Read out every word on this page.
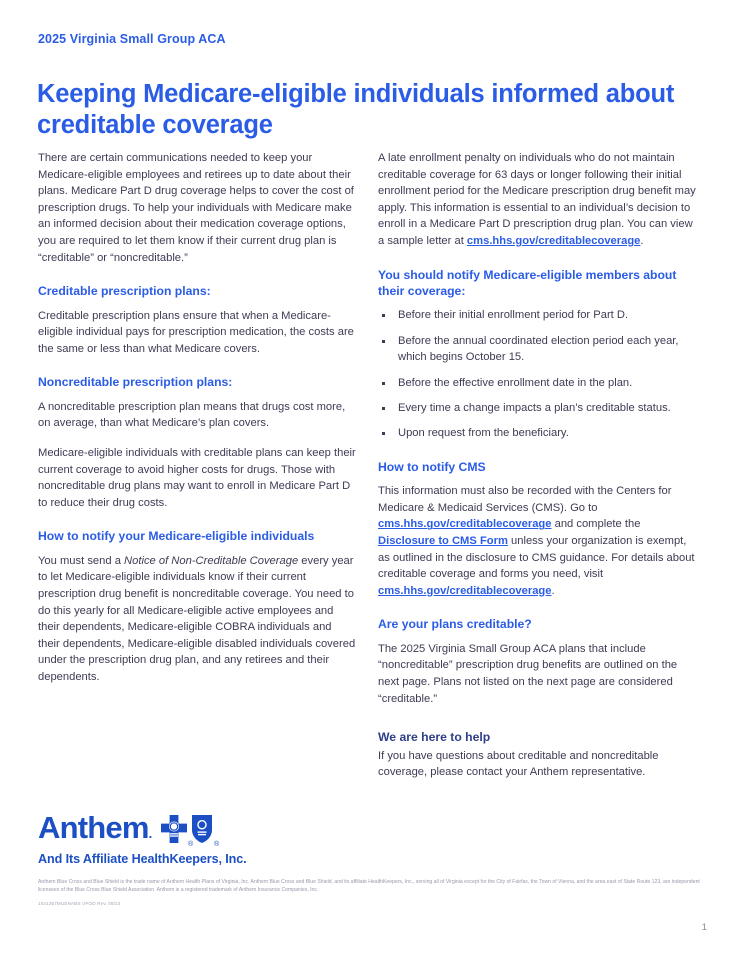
2025 Virginia Small Group ACA
Keeping Medicare-eligible individuals informed about creditable coverage

There are certain communications needed to keep your Medicare-eligible employees and retirees up to date about their plans. Medicare Part D drug coverage helps to cover the cost of prescription drugs. To help your individuals with Medicare make an informed decision about their medication coverage options, you are required to let them know if their current drug plan is “creditable” or “noncreditable.”

Creditable prescription plans:

Creditable prescription plans ensure that when a Medicare-eligible individual pays for prescription medication, the costs are the same or less than what Medicare covers.

Noncreditable prescription plans:

A noncreditable prescription plan means that drugs cost more, on average, than what Medicare’s plan covers.

Medicare-eligible individuals with creditable plans can keep their current coverage to avoid higher costs for drugs. Those with noncreditable drug plans may want to enroll in Medicare Part D to reduce their drug costs.

How to notify your Medicare-eligible individuals

You must send a Notice of Non-Creditable Coverage every year to let Medicare-eligible individuals know if their current prescription drug benefit is noncreditable coverage. You need to do this yearly for all Medicare-eligible active employees and their dependents, Medicare-eligible COBRA individuals and their dependents, Medicare-eligible disabled individuals covered under the prescription drug plan, and any retirees and their dependents.

A late enrollment penalty on individuals who do not maintain creditable coverage for 63 days or longer following their initial enrollment period for the Medicare prescription drug benefit may apply. This information is essential to an individual’s decision to enroll in a Medicare Part D prescription drug plan. You can view a sample letter at cms.hhs.gov/creditablecoverage.

You should notify Medicare-eligible members about their coverage:
Before their initial enrollment period for Part D.
Before the annual coordinated election period each year, which begins October 15.
Before the effective enrollment date in the plan.
Every time a change impacts a plan’s creditable status.
Upon request from the beneficiary.
How to notify CMS

This information must also be recorded with the Centers for Medicare & Medicaid Services (CMS). Go to cms.hhs.gov/creditablecoverage and complete the Disclosure to CMS Form unless your organization is exempt, as outlined in the disclosure to CMS guidance. For details about creditable coverage and forms you need, visit cms.hhs.gov/creditablecoverage.

Are your plans creditable?

The 2025 Virginia Small Group ACA plans that include “noncreditable” prescription drug benefits are outlined on the next page. Plans not listed on the next page are considered “creditable.”

We are here to help

If you have questions about creditable and noncreditable coverage, please contact your Anthem representative.

Anthem.
®	®
And Its Affiliate HealthKeepers, Inc.
Anthem Blue Cross and Blue Shield is the trade name of Anthem Health Plans of Virginia, Inc. Anthem Blue Cross and Blue Shield, and its affiliate HealthKeepers, Inc., serving all of Virginia except for the City of Fairfax, the Town of Vienna, and the area east of State Route 123, are independent licensees of the Blue Cross Blue Shield Association. Anthem is a registered trademark of Anthem Insurance Companies, Inc.
1041367MUENABS VPOD Rev. 08/23
1
